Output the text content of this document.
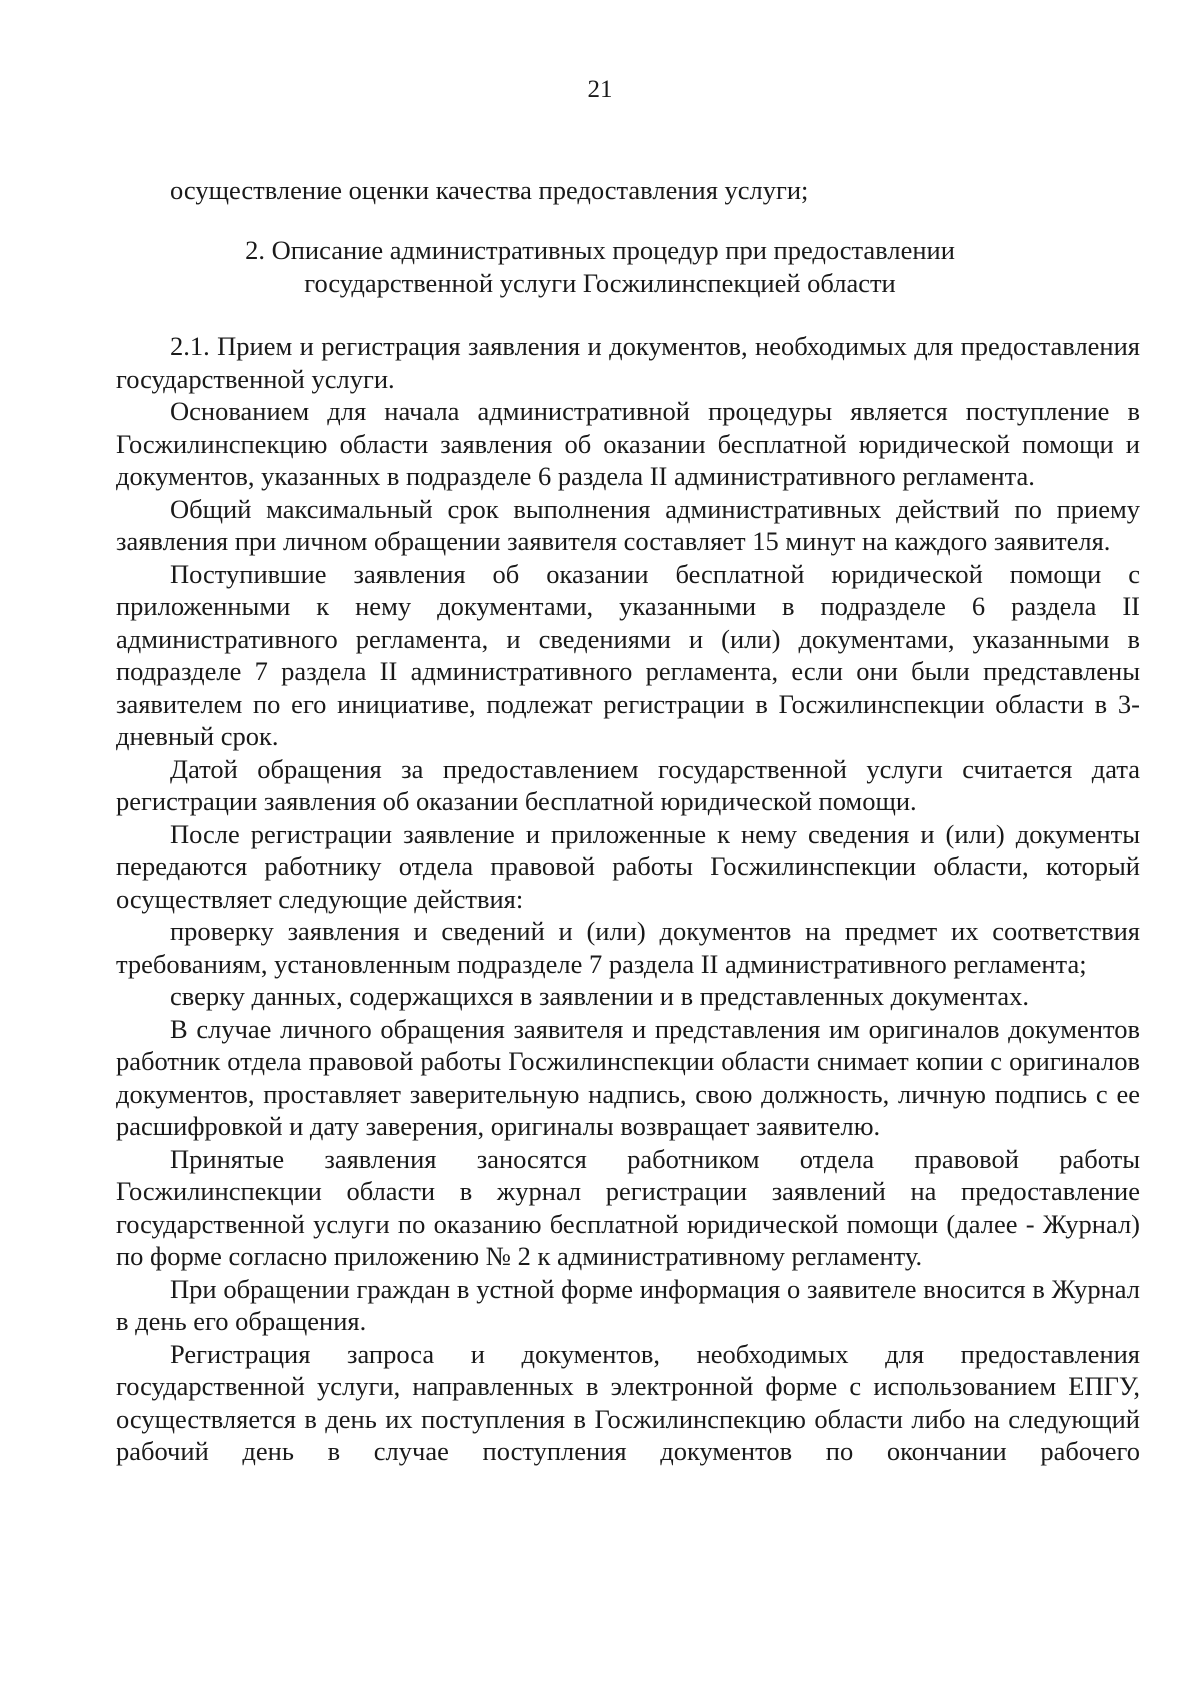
21

осуществление оценки качества предоставления услуги;

2. Описание административных процедур при предоставлении
государственной услуги Госжилинспекцией области

2.1. Прием и регистрация заявления и документов, необходимых для предоставления государственной услуги.

Основанием для начала административной процедуры является поступление в Госжилинспекцию области заявления об оказании бесплатной юридической помощи и документов, указанных в подразделе 6 раздела II административного регламента.

Общий максимальный срок выполнения административных действий по приему заявления при личном обращении заявителя составляет 15 минут на каждого заявителя.

Поступившие заявления об оказании бесплатной юридической помощи с приложенными к нему документами, указанными в подразделе 6 раздела II административного регламента, и сведениями и (или) документами, указанными в подразделе 7 раздела II административного регламента, если они были представлены заявителем по его инициативе, подлежат регистрации в Госжилинспекции области в 3-дневный срок.

Датой обращения за предоставлением государственной услуги считается дата регистрации заявления об оказании бесплатной юридической помощи.

После регистрации заявление и приложенные к нему сведения и (или) документы передаются работнику отдела правовой работы Госжилинспекции области, который осуществляет следующие действия:

проверку заявления и сведений и (или) документов на предмет их соответствия требованиям, установленным подразделе 7 раздела II административного регламента;

сверку данных, содержащихся в заявлении и в представленных документах.

В случае личного обращения заявителя и представления им оригиналов документов работник отдела правовой работы Госжилинспекции области снимает копии с оригиналов документов, проставляет заверительную надпись, свою должность, личную подпись с ее расшифровкой и дату заверения, оригиналы возвращает заявителю.

Принятые заявления заносятся работником отдела правовой работы Госжилинспекции области в журнал регистрации заявлений на предоставление государственной услуги по оказанию бесплатной юридической помощи (далее - Журнал) по форме согласно приложению № 2 к административному регламенту.

При обращении граждан в устной форме информация о заявителе вносится в Журнал в день его обращения.

Регистрация запроса и документов, необходимых для предоставления государственной услуги, направленных в электронной форме с использованием ЕПГУ, осуществляется в день их поступления в Госжилинспекцию области либо на следующий рабочий день в случае поступления документов по окончании рабочего
